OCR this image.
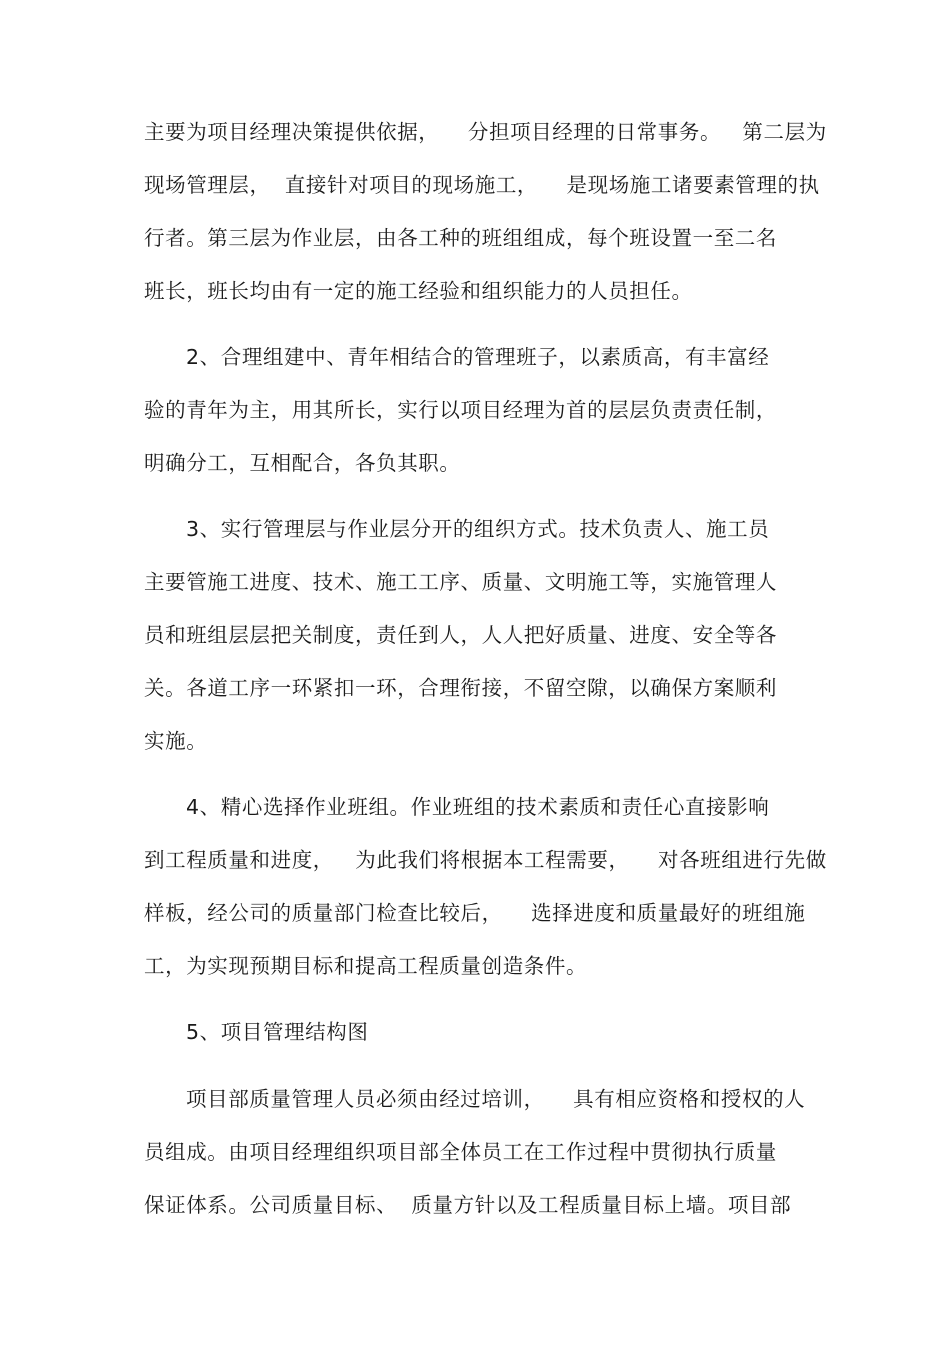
主要为项目经理决策提供依据，    分担项目经理的日常事务。   第二层为
现场管理层，  直接针对项目的现场施工，    是现场施工诸要素管理的执
行者。第三层为作业层，由各工种的班组组成，每个班设置一至二名
班长，班长均由有一定的施工经验和组织能力的人员担任。
2、合理组建中、青年相结合的管理班子，以素质高，有丰富经
验的青年为主，用其所长，实行以项目经理为首的层层负责责任制，
明确分工，互相配合，各负其职。
3、实行管理层与作业层分开的组织方式。技术负责人、施工员
主要管施工进度、技术、施工工序、质量、文明施工等，实施管理人
员和班组层层把关制度，责任到人，人人把好质量、进度、安全等各
关。各道工序一环紧扣一环，合理衔接，不留空隙，以确保方案顺利
实施。
4、精心选择作业班组。作业班组的技术素质和责任心直接影响
到工程质量和进度，   为此我们将根据本工程需要，    对各班组进行先做
样板，经公司的质量部门检查比较后，    选择进度和质量最好的班组施
工，为实现预期目标和提高工程质量创造条件。
5、项目管理结构图
项目部质量管理人员必须由经过培训，    具有相应资格和授权的人
员组成。由项目经理组织项目部全体员工在工作过程中贯彻执行质量
保证体系。公司质量目标、  质量方针以及工程质量目标上墙。项目部
